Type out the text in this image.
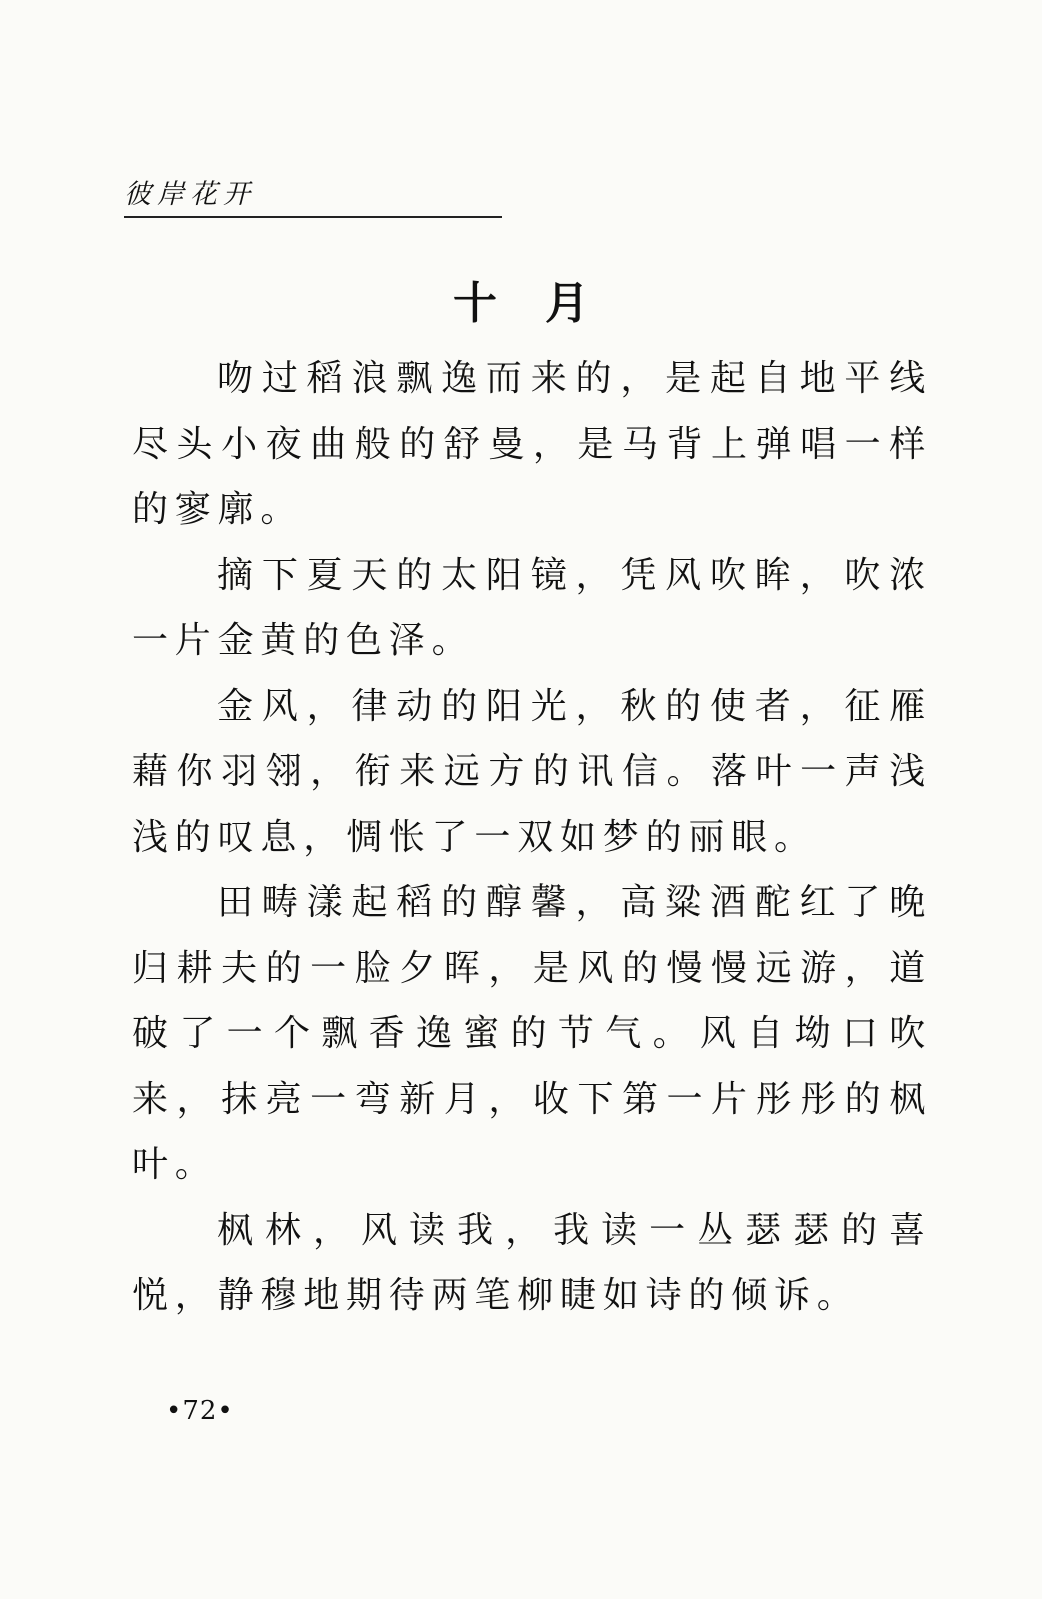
彼岸花开
十月

吻过稻浪飘逸而来的，是起自地平线尽头小夜曲般的舒曼，是马背上弹唱一样的寥廓。

摘下夏天的太阳镜，凭风吹眸，吹浓一片金黄的色泽。

金风，律动的阳光，秋的使者，征雁藉你羽翎，衔来远方的讯信。落叶一声浅浅的叹息，惆怅了一双如梦的丽眼。

田畴漾起稻的醇馨，高粱酒酡红了晚归耕夫的一脸夕晖，是风的慢慢远游，道破了一个飘香逸蜜的节气。风自坳口吹来，抹亮一弯新月，收下第一片彤彤的枫叶。

枫林，风读我，我读一丛瑟瑟的喜悦，静穆地期待两笔柳睫如诗的倾诉。

•72•
